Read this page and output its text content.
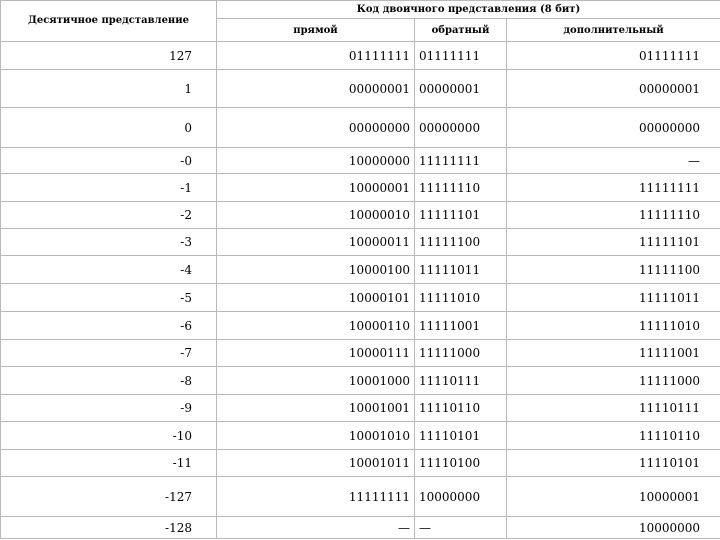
Десятичное представление	Код двоичного представления (8 бит)		
	прямой	обратный	дополнительный
127	01111111	01111111	01111111
1	00000001	00000001	00000001
0	00000000	00000000	00000000
-0	10000000	11111111	—
-1	10000001	11111110	11111111
-2	10000010	11111101	11111110
-3	10000011	11111100	11111101
-4	10000100	11111011	11111100
-5	10000101	11111010	11111011
-6	10000110	11111001	11111010
-7	10000111	11111000	11111001
-8	10001000	11110111	11111000
-9	10001001	11110110	11110111
-10	10001010	11110101	11110110
-11	10001011	11110100	11110101
-127	11111111	10000000	10000001
-128	—	—	10000000
